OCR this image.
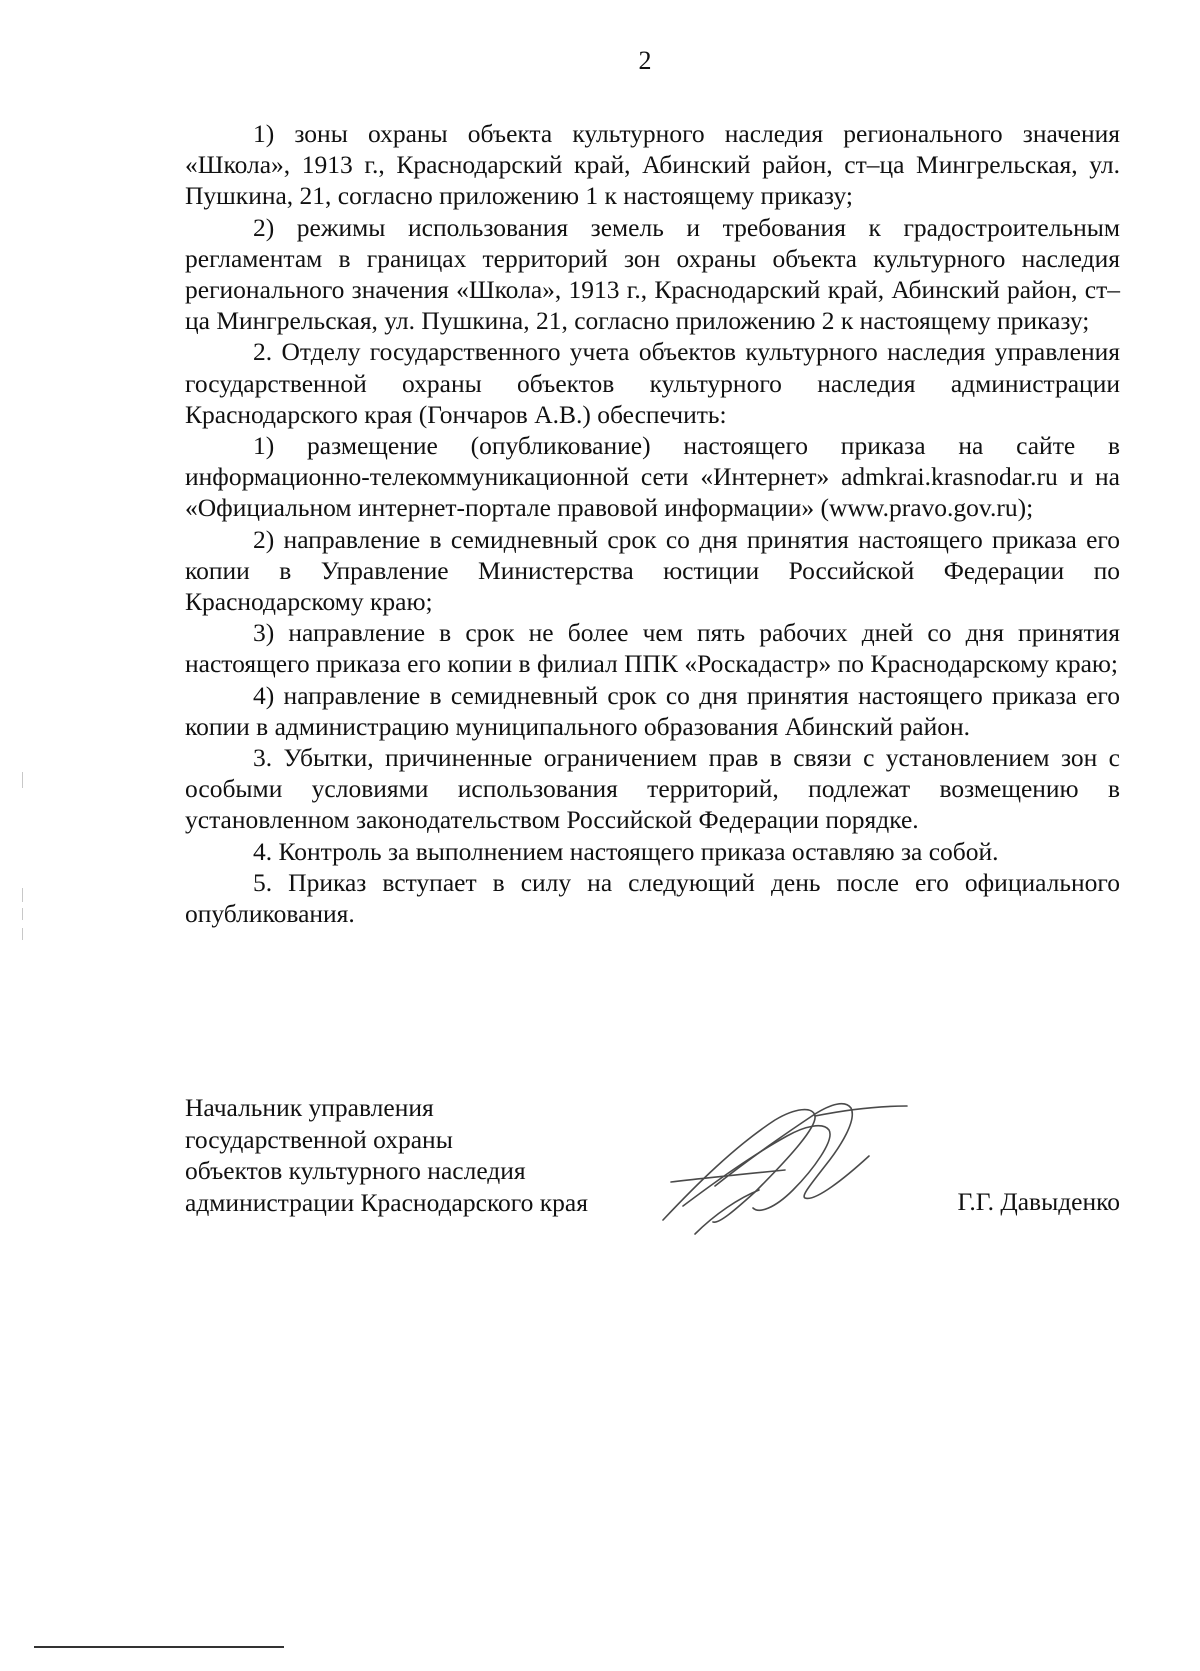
2

1) зоны охраны объекта культурного наследия регионального значения «Школа», 1913 г., Краснодарский край, Абинский район, ст–ца Мингрельская, ул. Пушкина, 21, согласно приложению 1 к настоящему приказу;

2) режимы использования земель и требования к градостроительным регламентам в границах территорий зон охраны объекта культурного наследия регионального значения «Школа», 1913 г., Краснодарский край, Абинский район, ст–ца Мингрельская, ул. Пушкина, 21, согласно приложению 2 к настоящему приказу;

2. Отделу государственного учета объектов культурного наследия управления государственной охраны объектов культурного наследия администрации Краснодарского края (Гончаров А.В.) обеспечить:

1) размещение (опубликование) настоящего приказа на сайте в информационно-телекоммуникационной сети «Интернет» admkrai.krasnodar.ru и на «Официальном интернет-портале правовой информации» (www.pravo.gov.ru);

2) направление в семидневный срок со дня принятия настоящего приказа его копии в Управление Министерства юстиции Российской Федерации по Краснодарскому краю;

3) направление в срок не более чем пять рабочих дней со дня принятия настоящего приказа его копии в филиал ППК «Роскадастр» по Краснодарскому краю;

4) направление в семидневный срок со дня принятия настоящего приказа его копии в администрацию муниципального образования Абинский район.

3. Убытки, причиненные ограничением прав в связи с установлением зон с особыми условиями использования территорий, подлежат возмещению в установленном законодательством Российской Федерации порядке.

4. Контроль за выполнением настоящего приказа оставляю за собой.

5. Приказ вступает в силу на следующий день после его официального опубликования.

Начальник управления
государственной охраны
объектов культурного наследия
администрации Краснодарского края	Г.Г. Давыденко
